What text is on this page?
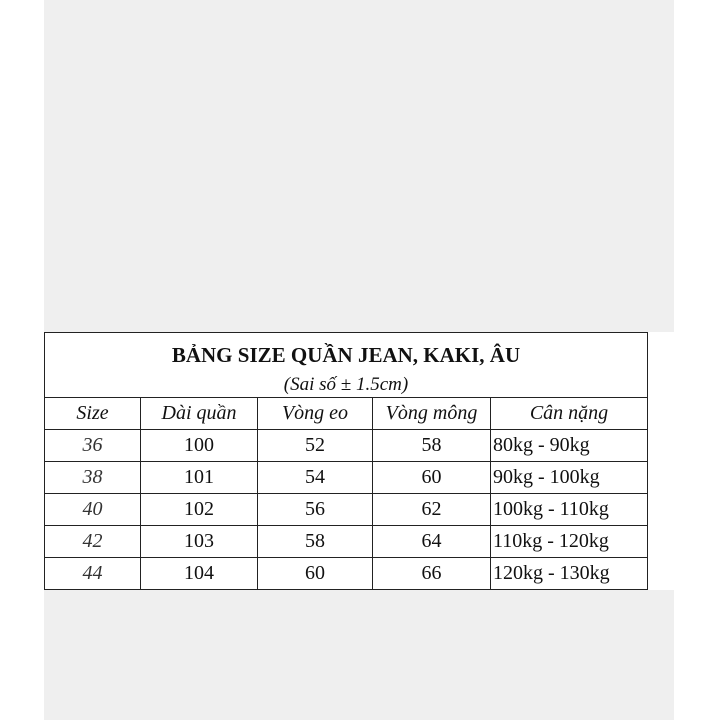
BẢNG SIZE QUẦN JEAN, KAKI, ÂU				
(Sai số ± 1.5cm)				
Size	Dài quần	Vòng eo	Vòng mông	Cân nặng
36	100	52	58	80kg - 90kg
38	101	54	60	90kg - 100kg
40	102	56	62	100kg - 110kg
42	103	58	64	110kg - 120kg
44	104	60	66	120kg - 130kg
